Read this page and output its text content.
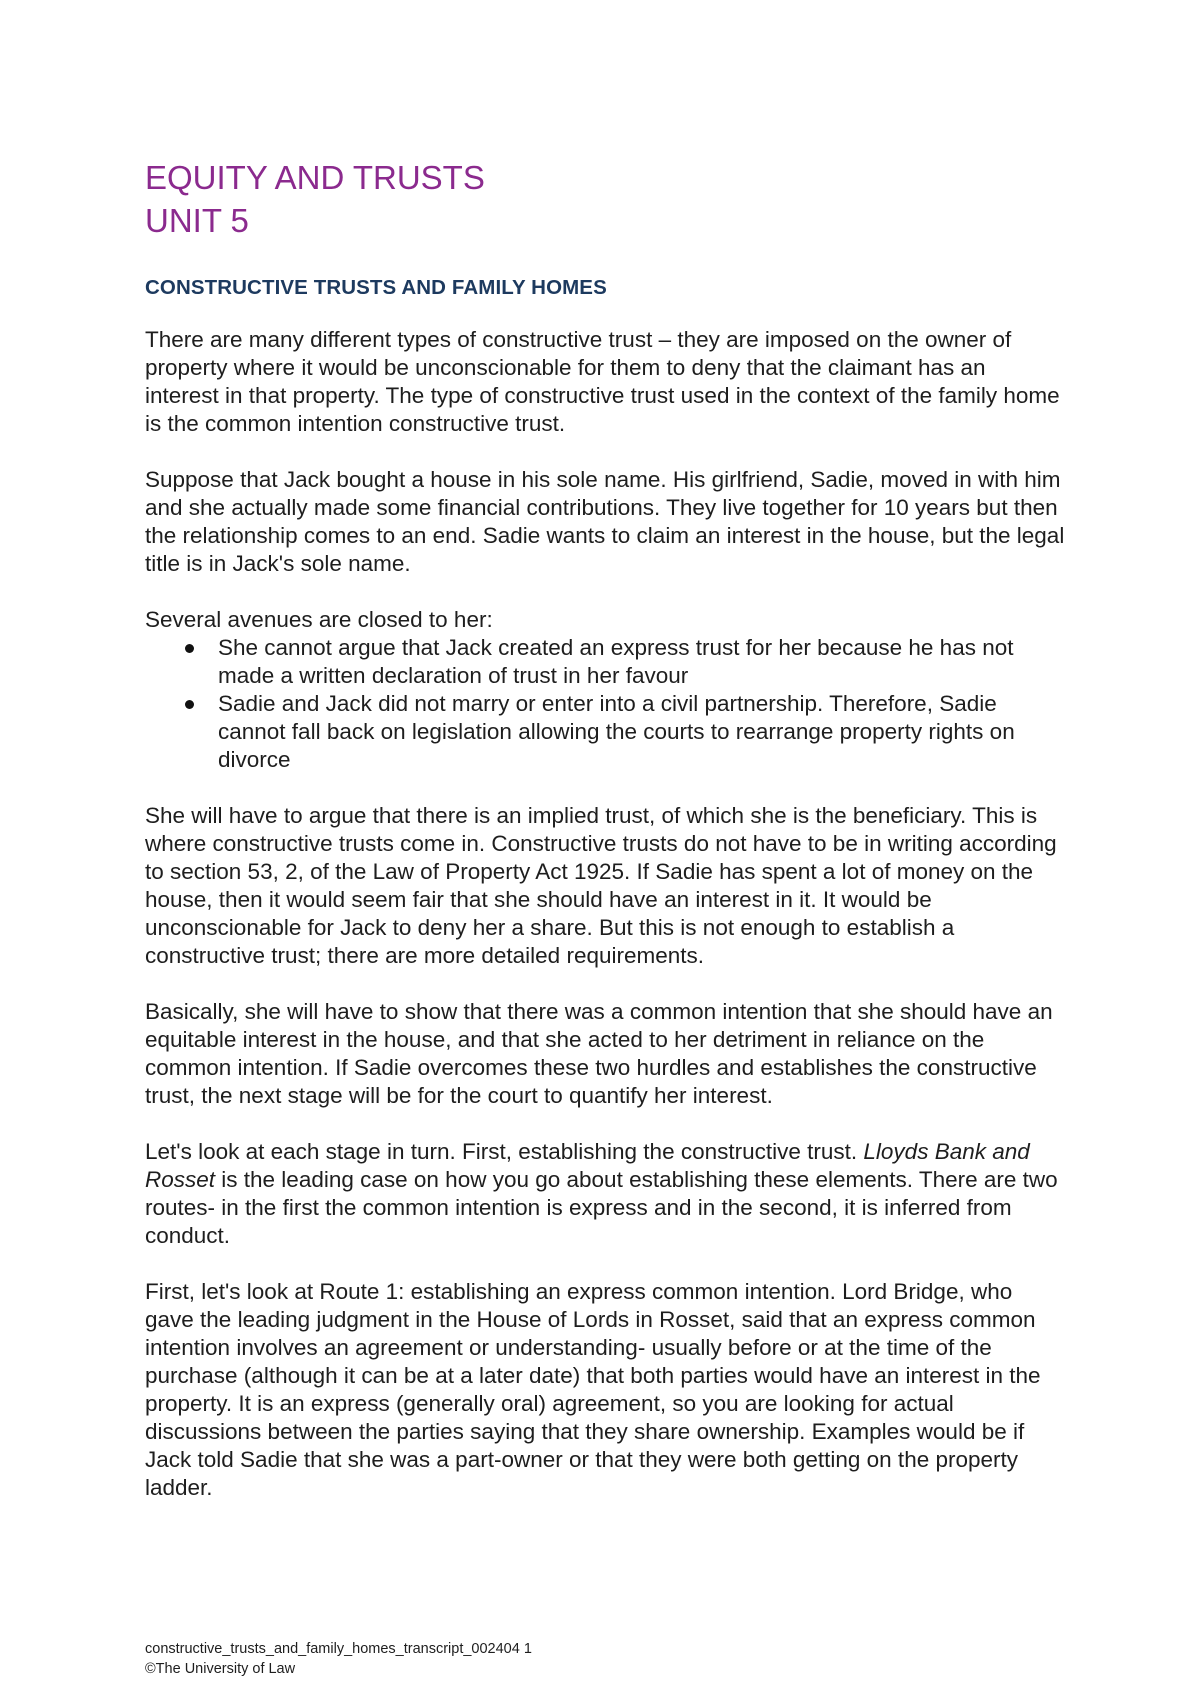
EQUITY AND TRUSTS
UNIT 5
CONSTRUCTIVE TRUSTS AND FAMILY HOMES

There are many different types of constructive trust – they are imposed on the owner of property where it would be unconscionable for them to deny that the claimant has an interest in that property. The type of constructive trust used in the context of the family home is the common intention constructive trust.

Suppose that Jack bought a house in his sole name. His girlfriend, Sadie, moved in with him and she actually made some financial contributions. They live together for 10 years but then the relationship comes to an end. Sadie wants to claim an interest in the house, but the legal title is in Jack's sole name.

Several avenues are closed to her:

She cannot argue that Jack created an express trust for her because he has not made a written declaration of trust in her favour
Sadie and Jack did not marry or enter into a civil partnership. Therefore, Sadie cannot fall back on legislation allowing the courts to rearrange property rights on divorce

She will have to argue that there is an implied trust, of which she is the beneficiary. This is where constructive trusts come in. Constructive trusts do not have to be in writing according to section 53, 2, of the Law of Property Act 1925. If Sadie has spent a lot of money on the house, then it would seem fair that she should have an interest in it. It would be unconscionable for Jack to deny her a share. But this is not enough to establish a constructive trust; there are more detailed requirements.

Basically, she will have to show that there was a common intention that she should have an equitable interest in the house, and that she acted to her detriment in reliance on the common intention. If Sadie overcomes these two hurdles and establishes the constructive trust, the next stage will be for the court to quantify her interest.

Let's look at each stage in turn. First, establishing the constructive trust. Lloyds Bank and Rosset is the leading case on how you go about establishing these elements. There are two routes- in the first the common intention is express and in the second, it is inferred from conduct.

First, let's look at Route 1: establishing an express common intention. Lord Bridge, who gave the leading judgment in the House of Lords in Rosset, said that an express common intention involves an agreement or understanding- usually before or at the time of the purchase (although it can be at a later date) that both parties would have an interest in the property. It is an express (generally oral) agreement, so you are looking for actual discussions between the parties saying that they share ownership. Examples would be if Jack told Sadie that she was a part-owner or that they were both getting on the property ladder.

constructive_trusts_and_family_homes_transcript_002404 1
©The University of Law
